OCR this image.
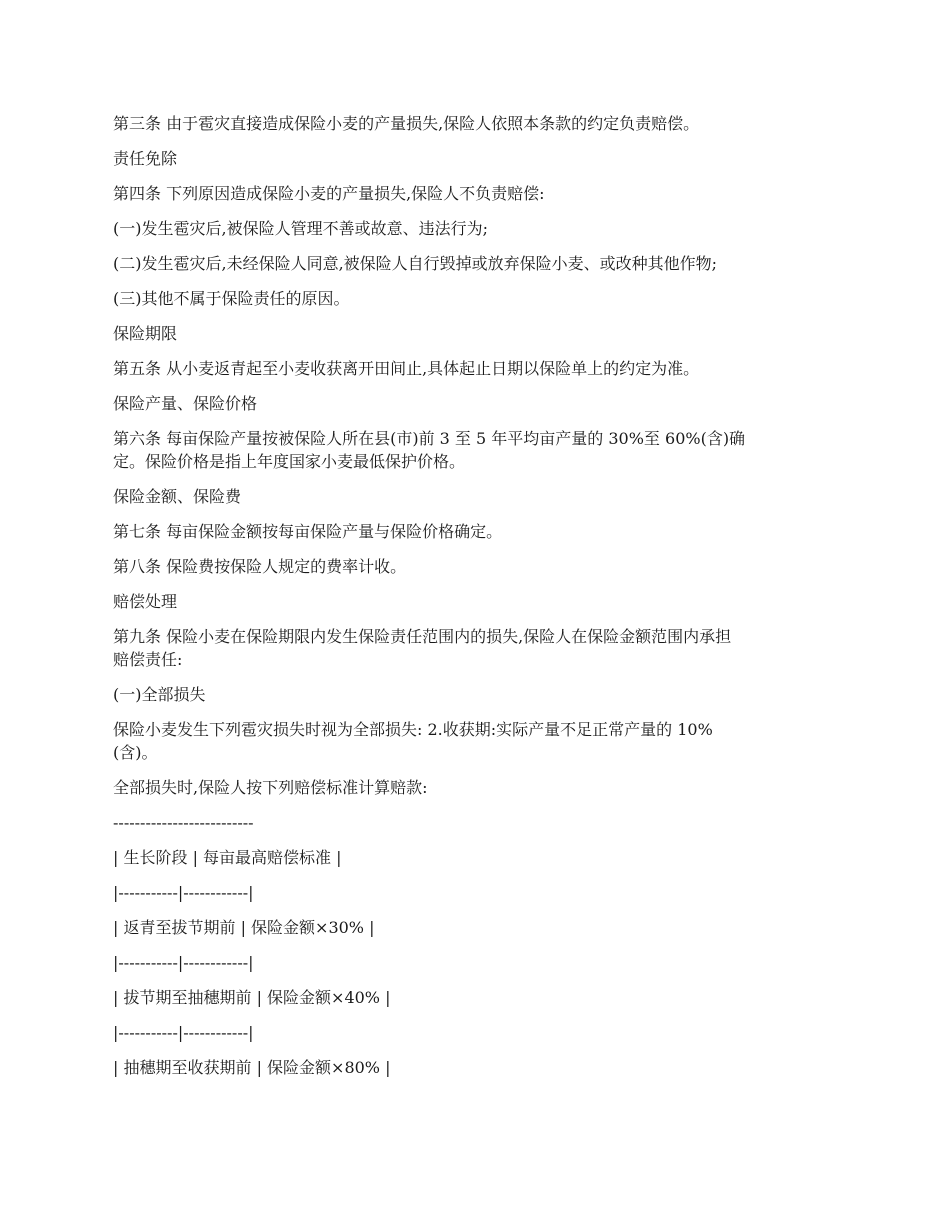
第三条 由于雹灾直接造成保险小麦的产量损失,保险人依照本条款的约定负责赔偿。

责任免除

第四条 下列原因造成保险小麦的产量损失,保险人不负责赔偿:

(一)发生雹灾后,被保险人管理不善或故意、违法行为;

(二)发生雹灾后,未经保险人同意,被保险人自行毁掉或放弃保险小麦、或改种其他作物;

(三)其他不属于保险责任的原因。

保险期限

第五条 从小麦返青起至小麦收获离开田间止,具体起止日期以保险单上的约定为准。

保险产量、保险价格

第六条 每亩保险产量按被保险人所在县(市)前 3 至 5 年平均亩产量的 30%至 60%(含)确
定。保险价格是指上年度国家小麦最低保护价格。

保险金额、保险费

第七条 每亩保险金额按每亩保险产量与保险价格确定。

第八条 保险费按保险人规定的费率计收。

赔偿处理

第九条 保险小麦在保险期限内发生保险责任范围内的损失,保险人在保险金额范围内承担
赔偿责任:

(一)全部损失

保险小麦发生下列雹灾损失时视为全部损失: 2.收获期:实际产量不足正常产量的 10%
(含)。

全部损失时,保险人按下列赔偿标准计算赔款:

--------------------------

| 生长阶段 | 每亩最高赔偿标准 |

|-----------|------------|

| 返青至拔节期前 | 保险金额×30% |

|-----------|------------|

| 拔节期至抽穗期前 | 保险金额×40% |

|-----------|------------|

| 抽穗期至收获期前 | 保险金额×80% |
